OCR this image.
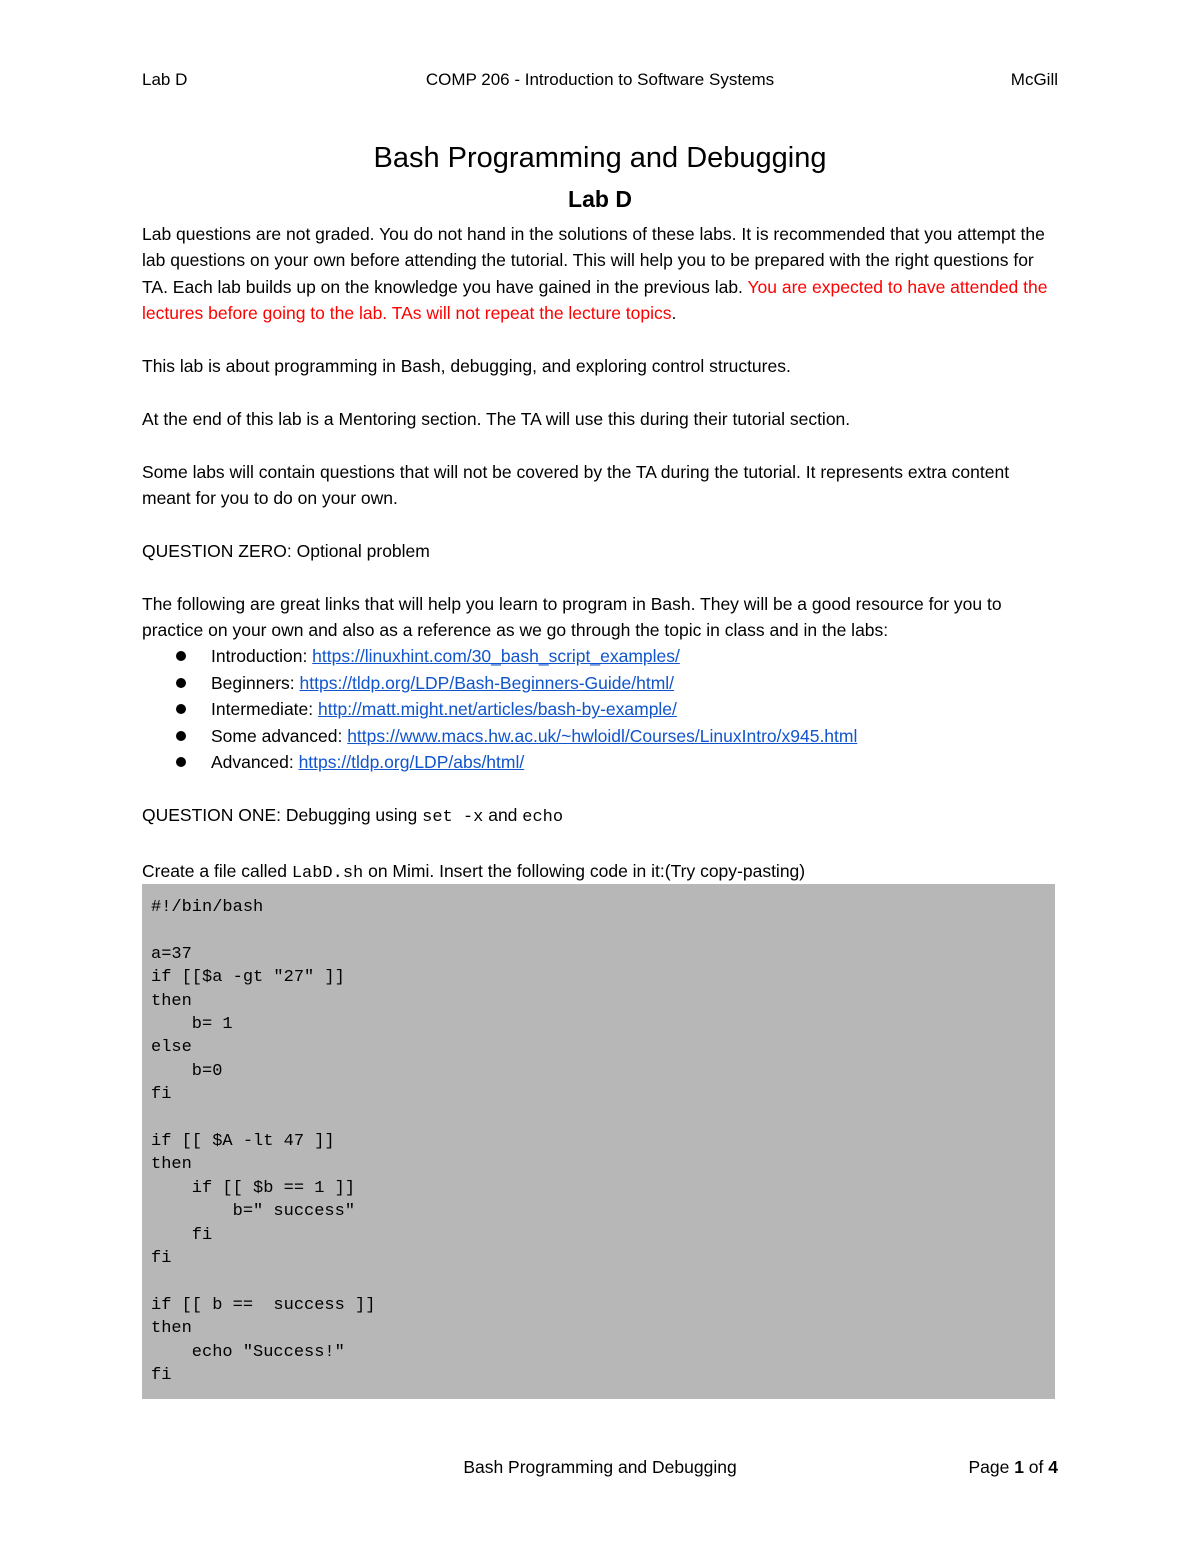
Lab D	COMP 206 - Introduction to Software Systems	McGill
Bash Programming and Debugging
Lab D

Lab questions are not graded. You do not hand in the solutions of these labs. It is recommended that you attempt the lab questions on your own before attending the tutorial. This will help you to be prepared with the right questions for TA. Each lab builds up on the knowledge you have gained in the previous lab. You are expected to have attended the lectures before going to the lab. TAs will not repeat the lecture topics.

This lab is about programming in Bash, debugging, and exploring control structures.

At the end of this lab is a Mentoring section. The TA will use this during their tutorial section.

Some labs will contain questions that will not be covered by the TA during the tutorial. It represents extra content meant for you to do on your own.

QUESTION ZERO: Optional problem

The following are great links that will help you learn to program in Bash. They will be a good resource for you to practice on your own and also as a reference as we go through the topic in class and in the labs:

Introduction: https://linuxhint.com/30_bash_script_examples/
Beginners: https://tldp.org/LDP/Bash-Beginners-Guide/html/
Intermediate: http://matt.might.net/articles/bash-by-example/
Some advanced: https://www.macs.hw.ac.uk/~hwloidl/Courses/LinuxIntro/x945.html
Advanced: https://tldp.org/LDP/abs/html/

QUESTION ONE: Debugging using set -x and echo

Create a file called LabD.sh on Mimi. Insert the following code in it:(Try copy-pasting)

#!/bin/bash

a=37
if [[$a -gt "27" ]]
then
b= 1
else
b=0
fi

if [[ $A -lt 47 ]]
then
if [[ $b == 1 ]]
b=" success"
fi
fi

if [[ b ==  success ]]
then
echo "Success!"
fi
Bash Programming and Debugging	Page 1 of 4
